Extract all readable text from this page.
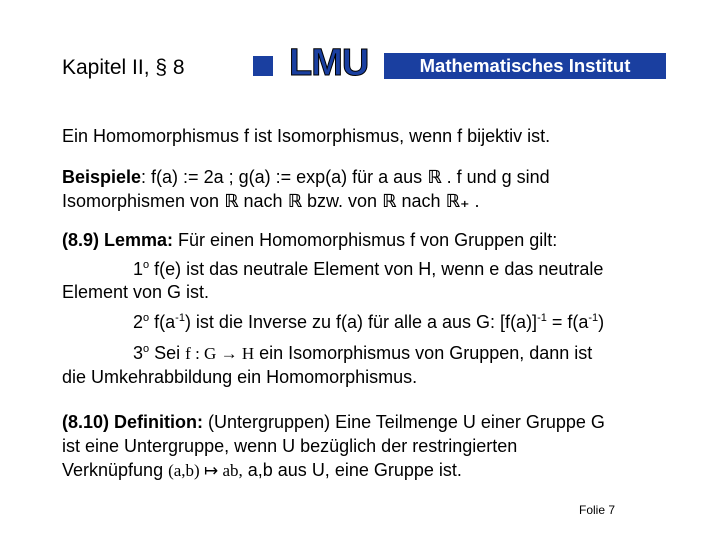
Kapitel II, § 8	LMU	Mathematisches Institut
Ein Homomorphismus f ist Isomorphismus, wenn f bijektiv ist.
Beispiele: f(a) := 2a ; g(a) := exp(a) für a aus ℝ . f und g sind
Isomorphismen von ℝ nach ℝ bzw. von ℝ nach ℝ₊ .
(8.9) Lemma: Für einen Homomorphismus f von Gruppen gilt:
1$^o$ f(e) ist das neutrale Element von H, wenn e das neutrale
Element von G ist.
2$^o$ $f(a^{-1})$ ist die Inverse zu f(a) für alle a aus G: $[f(a)]^{-1} = f(a^{-1})$
3$^o$ Sei f : G → H ein Isomorphismus von Gruppen, dann ist
die Umkehrabbildung ein Homomorphismus.
(8.10) Definition: (Untergruppen) Eine Teilmenge U einer Gruppe G
ist eine Untergruppe, wenn U bezüglich der restringierten
Verknüpfung (a,b) ↦ ab, a,b aus U, eine Gruppe ist.
Folie 7
